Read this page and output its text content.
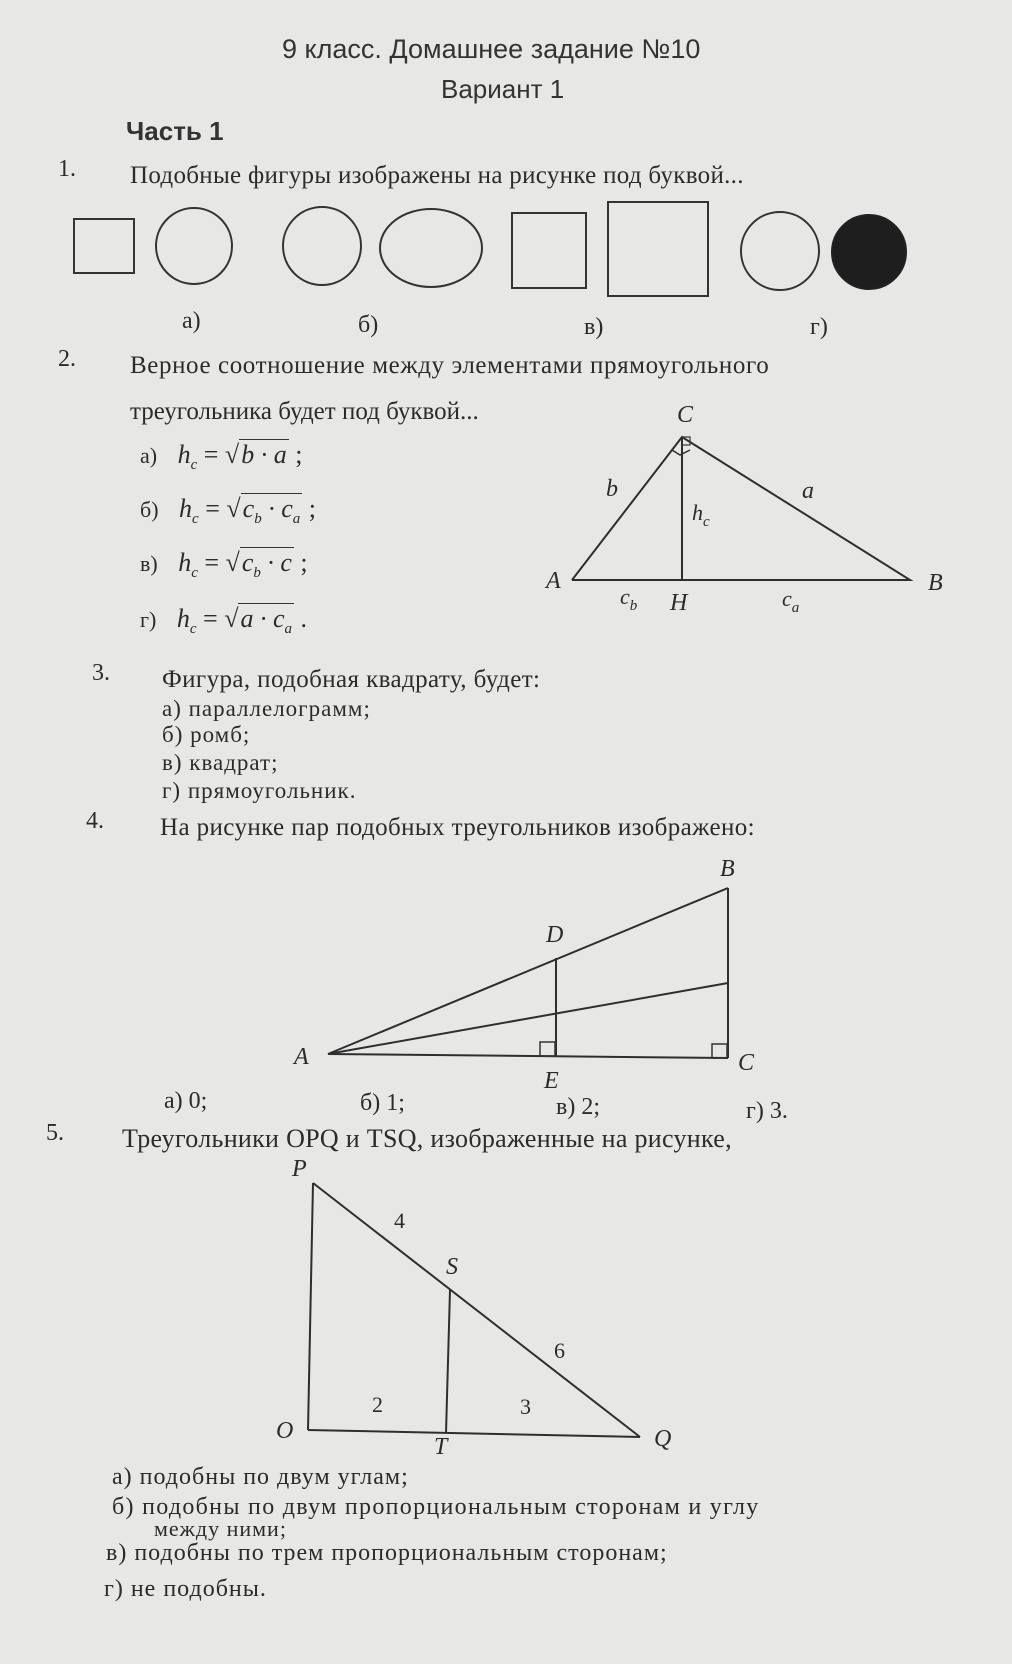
9 класс. Домашнее задание №10
Вариант 1
Часть 1
1. Подобные фигуры изображены на рисунке под буквой...
а)	б)	в)	г)
2. Верное соотношение между элементами прямоугольного
треугольника будет под буквой...
а) $h_c = √b \cdot a$ ;
б) $h_c = √c_b \cdot c_a$ ;
в) $h_c = √c_b \cdot c$ ;
г) $h_c = √a \cdot c_a$ .
C
A	B
H
b	a
$h_c$
$c_b$	$c_a$
3. Фигура, подобная квадрату, будет:
а) параллелограмм;
б) ромб;
в) квадрат;
г) прямоугольник.
4. На рисунке пар подобных треугольников изображено:
B
D
A	C
E
а) 0;	б) 1;	в) 2;	г) 3.
5. Треугольники OPQ и TSQ, изображенные на рисунке,
P
O	Q
S
T
4
6
2	3
а) подобны по двум углам;
б) подобны по двум пропорциональным сторонам и углу
между ними;
в) подобны по трем пропорциональным сторонам;
г) не подобны.
